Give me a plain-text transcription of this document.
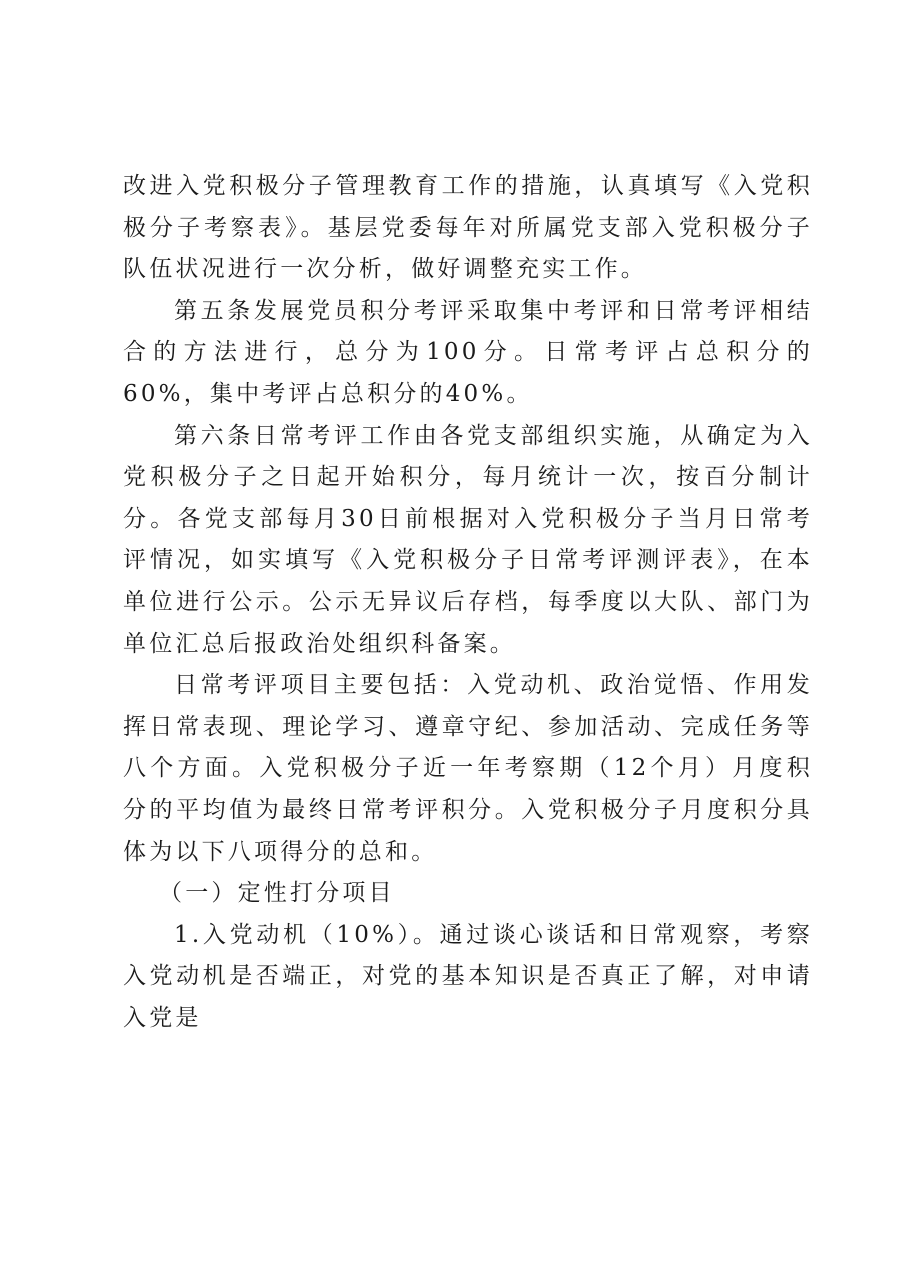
改进入党积极分子管理教育工作的措施，认真填写《入党积极分子考察表》。基层党委每年对所属党支部入党积极分子队伍状况进行一次分析，做好调整充实工作。

第五条发展党员积分考评采取集中考评和日常考评相结合的方法进行，总分为100分。日常考评占总积分的60%，集中考评占总积分的40%。

第六条日常考评工作由各党支部组织实施，从确定为入党积极分子之日起开始积分，每月统计一次，按百分制计分。各党支部每月30日前根据对入党积极分子当月日常考评情况，如实填写《入党积极分子日常考评测评表》，在本单位进行公示。公示无异议后存档，每季度以大队、部门为单位汇总后报政治处组织科备案。

日常考评项目主要包括：入党动机、政治觉悟、作用发挥日常表现、理论学习、遵章守纪、参加活动、完成任务等八个方面。入党积极分子近一年考察期（12个月）月度积分的平均值为最终日常考评积分。入党积极分子月度积分具体为以下八项得分的总和。

（一）定性打分项目

1.入党动机（10%）。通过谈心谈话和日常观察，考察入党动机是否端正，对党的基本知识是否真正了解，对申请入党是
